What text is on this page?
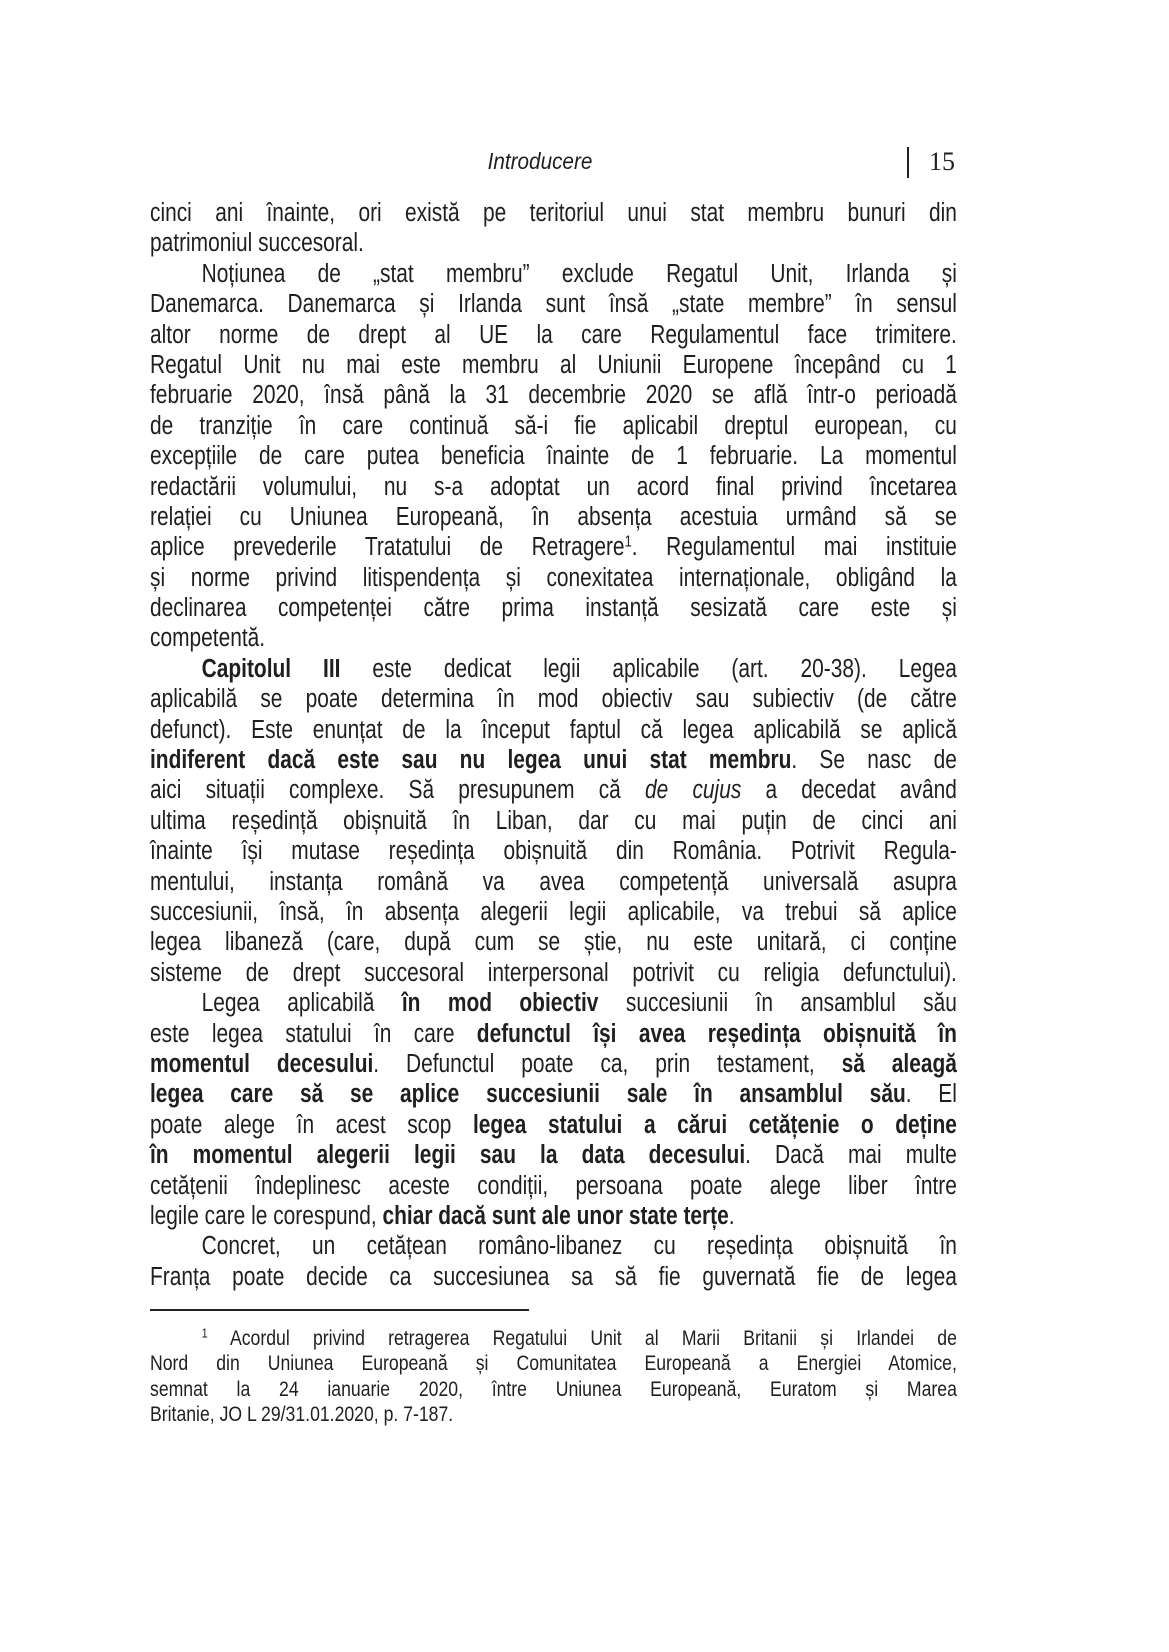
Introducere	15
cinci ani înainte, ori există pe teritoriul unui stat membru bunuri din
patrimoniul succesoral.
Noțiunea de „stat membru” exclude Regatul Unit, Irlanda și
Danemarca. Danemarca și Irlanda sunt însă „state membre” în sensul
altor norme de drept al UE la care Regulamentul face trimitere.
Regatul Unit nu mai este membru al Uniunii Europene începând cu 1
februarie 2020, însă până la 31 decembrie 2020 se află într-o perioadă
de tranziție în care continuă să-i fie aplicabil dreptul european, cu
excepțiile de care putea beneficia înainte de 1 februarie. La momentul
redactării volumului, nu s-a adoptat un acord final privind încetarea
relației cu Uniunea Europeană, în absența acestuia urmând să se
aplice prevederile Tratatului de Retragere$^1$. Regulamentul mai instituie
și norme privind litispendența și conexitatea internaționale, obligând la
declinarea competenței către prima instanță sesizată care este și
competentă.
Capitolul III este dedicat legii aplicabile (art. 20-38). Legea
aplicabilă se poate determina în mod obiectiv sau subiectiv (de către
defunct). Este enunțat de la început faptul că legea aplicabilă se aplică
indiferent dacă este sau nu legea unui stat membru. Se nasc de
aici situații complexe. Să presupunem că de cujus a decedat având
ultima reședință obișnuită în Liban, dar cu mai puțin de cinci ani
înainte își mutase reședința obișnuită din România. Potrivit Regula-
mentului, instanța română va avea competență universală asupra
succesiunii, însă, în absența alegerii legii aplicabile, va trebui să aplice
legea libaneză (care, după cum se știe, nu este unitară, ci conține
sisteme de drept succesoral interpersonal potrivit cu religia defunctului).
Legea aplicabilă în mod obiectiv succesiunii în ansamblul său
este legea statului în care defunctul își avea reședința obișnuită în
momentul decesului. Defunctul poate ca, prin testament, să aleagă
legea care să se aplice succesiunii sale în ansamblul său. El
poate alege în acest scop legea statului a cărui cetățenie o deține
în momentul alegerii legii sau la data decesului. Dacă mai multe
cetățenii îndeplinesc aceste condiții, persoana poate alege liber între
legile care le corespund, chiar dacă sunt ale unor state terțe.
Concret, un cetățean româno-libanez cu reședința obișnuită în
Franța poate decide ca succesiunea sa să fie guvernată fie de legea
$^1$ Acordul privind retragerea Regatului Unit al Marii Britanii și Irlandei de
Nord din Uniunea Europeană și Comunitatea Europeană a Energiei Atomice,
semnat la 24 ianuarie 2020, între Uniunea Europeană, Euratom și Marea
Britanie, JO L 29/31.01.2020, p. 7-187.
